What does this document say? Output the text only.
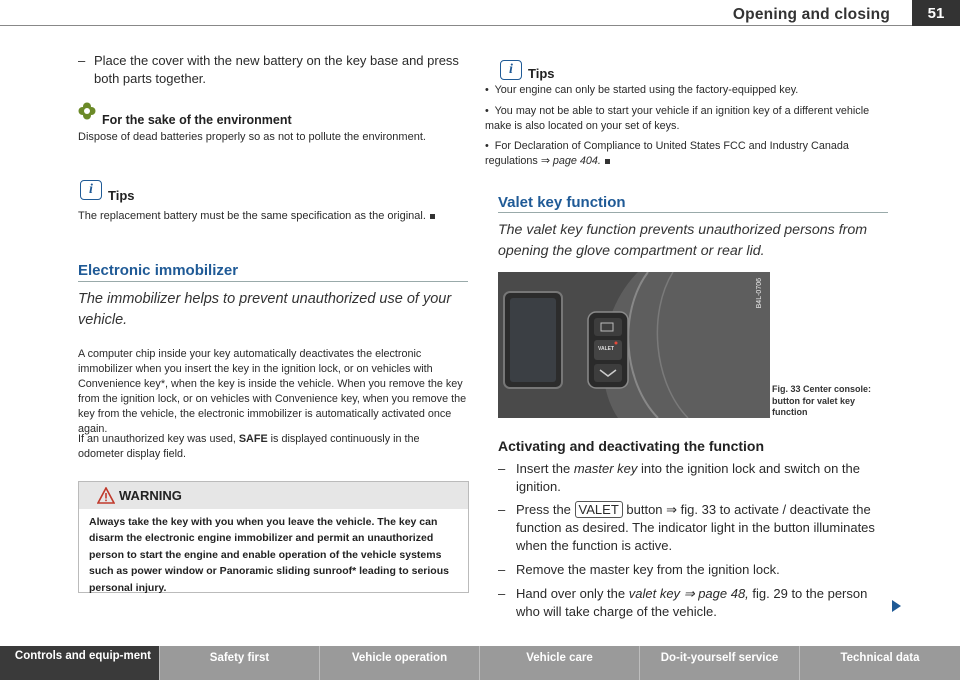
Opening and closing	51
– Place the cover with the new battery on the key base and press both parts together.
For the sake of the environment
Dispose of dead batteries properly so as not to pollute the environment.
i	Tips
The replacement battery must be the same specification as the original.
Electronic immobilizer
The immobilizer helps to prevent unauthorized use of your vehicle.
A computer chip inside your key automatically deactivates the electronic immobilizer when you insert the key in the ignition lock, or on vehicles with Convenience key*, when the key is inside the vehicle. When you remove the key from the ignition lock, or on vehicles with Convenience key, when you remove the key from the vehicle, the electronic immobilizer is automatically activated once again.
If an unauthorized key was used, SAFE is displayed continuously in the odometer display field.
WARNING
Always take the key with you when you leave the vehicle. The key can disarm the electronic engine immobilizer and permit an unauthorized person to start the engine and enable operation of the vehicle systems such as power window or Panoramic sliding sunroof* leading to serious personal injury.
i	Tips
• Your engine can only be started using the factory-equipped key.
• You may not be able to start your vehicle if an ignition key of a different vehicle make is also located on your set of keys.
• For Declaration of Compliance to United States FCC and Industry Canada regulations ⇒ page 404.
Valet key function
The valet key function prevents unauthorized persons from opening the glove compartment or rear lid.
VALET
B4L-0706
Fig. 33 Center console: button for valet key function
Activating and deactivating the function
– Insert the master key into the ignition lock and switch on the ignition.
– Press the VALET button ⇒ fig. 33 to activate / deactivate the function as desired. The indicator light in the button illuminates when the function is active.
– Remove the master key from the ignition lock.
– Hand over only the valet key ⇒ page 48, fig. 29 to the person who will take charge of the vehicle.
Controls and equip-ment	Safety first	Vehicle operation	Vehicle care	Do-it-yourself service	Technical data
